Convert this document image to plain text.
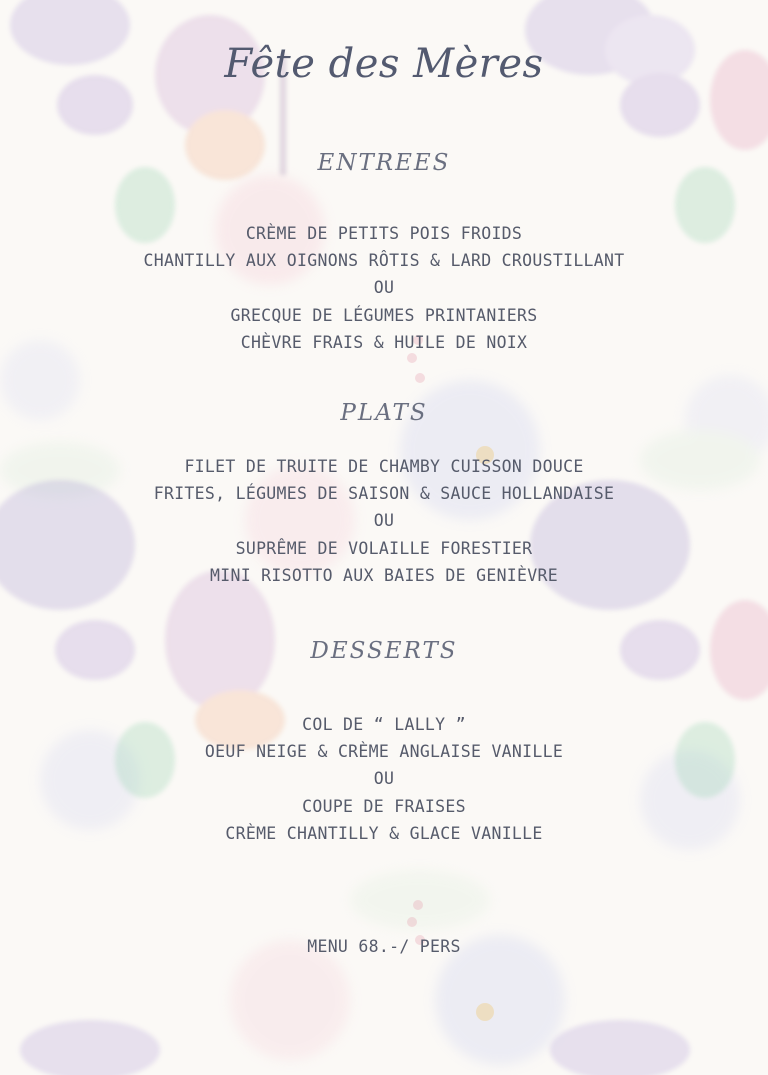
Fête des Mères
ENTREES
CRÈME DE PETITS POIS FROIDS
CHANTILLY AUX OIGNONS RÔTIS & LARD CROUSTILLANT
OU
GRECQUE DE LÉGUMES PRINTANIERS
CHÈVRE FRAIS & HUILE DE NOIX
PLATS
FILET DE TRUITE DE CHAMBY CUISSON DOUCE
FRITES, LÉGUMES DE SAISON & SAUCE HOLLANDAISE
OU
SUPRÊME DE VOLAILLE FORESTIER
MINI RISOTTO AUX BAIES DE GENIÈVRE
DESSERTS
COL DE “ LALLY ”
OEUF NEIGE & CRÈME ANGLAISE VANILLE
OU
COUPE DE FRAISES
CRÈME CHANTILLY & GLACE VANILLE
MENU 68.-/ PERS
